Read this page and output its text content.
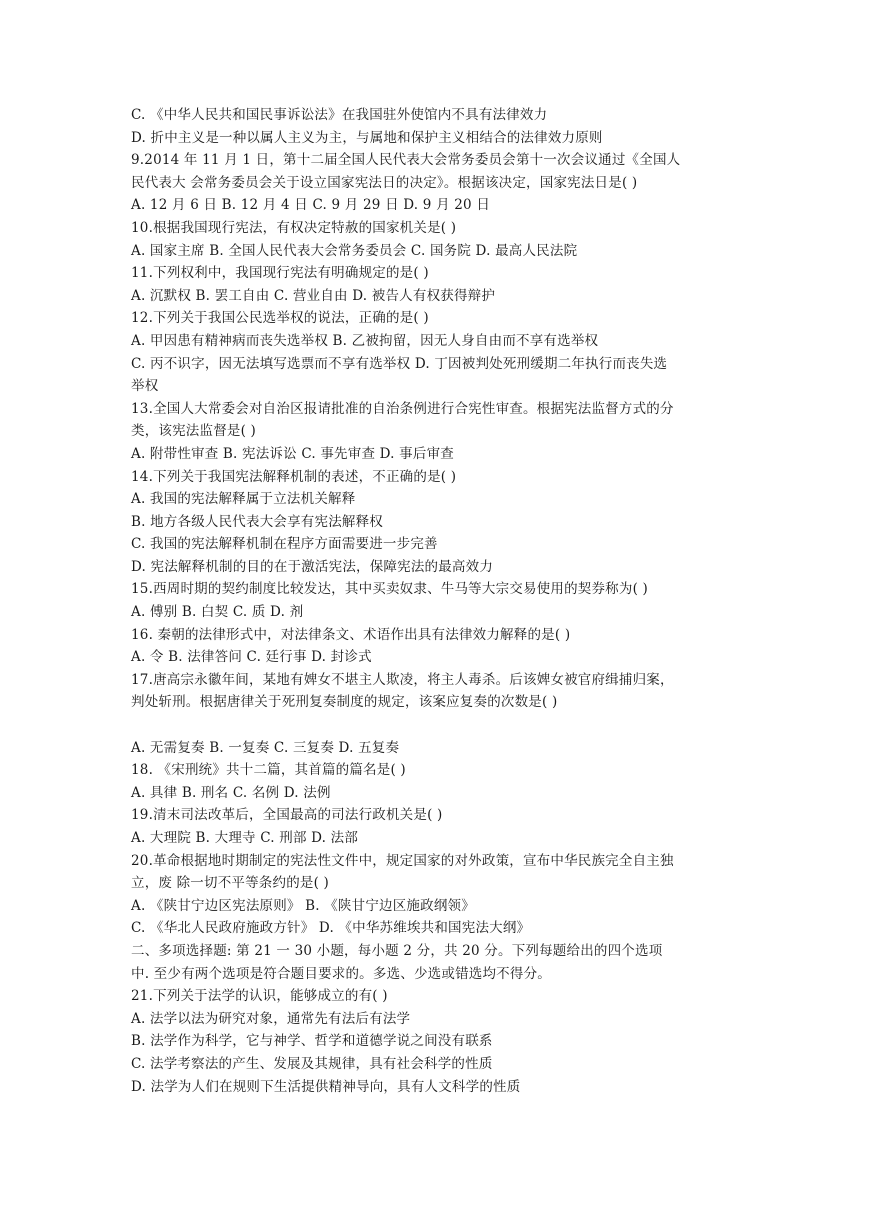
C. 《中华人民共和国民事诉讼法》在我国驻外使馆内不具有法律效力
D. 折中主义是一种以属人主义为主，与属地和保护主义相结合的法律效力原则
9.2014 年 11 月 1 日，第十二届全国人民代表大会常务委员会第十一次会议通过《全国人
民代表大 会常务委员会关于设立国家宪法日的决定》。根据该决定，国家宪法日是( )
A. 12 月 6 日 B. 12 月 4 日 C. 9 月 29 日 D. 9 月 20 日
10.根据我国现行宪法，有权决定特赦的国家机关是( )
A. 国家主席 B. 全国人民代表大会常务委员会 C. 国务院 D. 最高人民法院
11.下列权利中，我国现行宪法有明确规定的是( )
A. 沉默权 B. 罢工自由 C. 营业自由 D. 被告人有权获得辩护
12.下列关于我国公民选举权的说法，正确的是( )
A. 甲因患有精神病而丧失选举权 B. 乙被拘留，因无人身自由而不享有选举权
C. 丙不识字，因无法填写选票而不享有选举权 D. 丁因被判处死刑缓期二年执行而丧失选
举权
13.全国人大常委会对自治区报请批准的自治条例进行合宪性审查。根据宪法监督方式的分
类，该宪法监督是( )
A. 附带性审查 B. 宪法诉讼 C. 事先审查 D. 事后审查
14.下列关于我国宪法解释机制的表述，不正确的是( )
A. 我国的宪法解释属于立法机关解释
B. 地方各级人民代表大会享有宪法解释权
C. 我国的宪法解释机制在程序方面需要进一步完善
D. 宪法解释机制的目的在于激活宪法，保障宪法的最高效力
15.西周时期的契约制度比较发达，其中买卖奴隶、牛马等大宗交易使用的契券称为( )
A. 傅别 B. 白契 C. 质 D. 剂
16. 秦朝的法律形式中，对法律条文、术语作出具有法律效力解释的是( )
A. 令 B. 法律答问 C. 廷行事 D. 封诊式
17.唐高宗永徽年间，某地有婢女不堪主人欺凌，将主人毒杀。后该婢女被官府缉捕归案，
判处斩刑。根据唐律关于死刑复奏制度的规定，该案应复奏的次数是( )
A. 无需复奏 B. 一复奏 C. 三复奏 D. 五复奏
18. 《宋刑统》共十二篇，其首篇的篇名是( )
A. 具律 B. 刑名 C. 名例 D. 法例
19.清末司法改革后，全国最高的司法行政机关是( )
A. 大理院 B. 大理寺 C. 刑部 D. 法部
20.革命根据地时期制定的宪法性文件中，规定国家的对外政策，宣布中华民族完全自主独
立，废 除一切不平等条约的是( )
A. 《陕甘宁边区宪法原则》 B. 《陕甘宁边区施政纲领》
C. 《华北人民政府施政方针》 D. 《中华苏维埃共和国宪法大纲》
二、多项选择题: 第 21 一 30 小题，每小题 2 分，共 20 分。下列每题给出的四个选项
中. 至少有两个选项是符合题目要求的。多选、少选或错选均不得分。
21.下列关于法学的认识，能够成立的有( )
A. 法学以法为研究对象，通常先有法后有法学
B. 法学作为科学，它与神学、哲学和道德学说之间没有联系
C. 法学考察法的产生、发展及其规律，具有社会科学的性质
D. 法学为人们在规则下生活提供精神导向，具有人文科学的性质
